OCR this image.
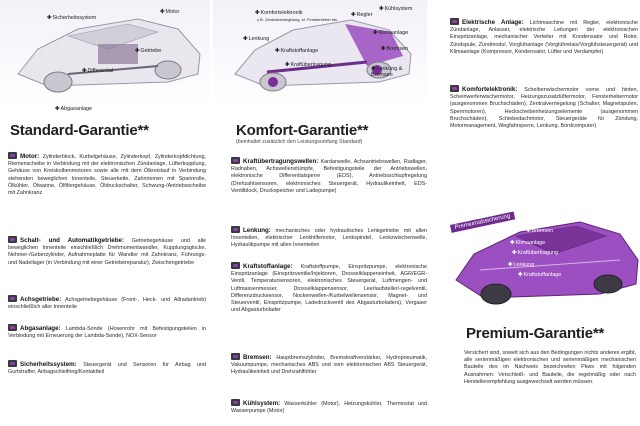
✚Sicherheitssystem
✚Motor
✚Getriebe
✚Differential
✚Abgasanlage
Standard-Garantie**
Motor: Zylinderblock, Kurbelgehäuse, Zylinderkopf, Zylinderkopfdichtung, Riemenscheibe in Verbindung mit der elektronischen Zündanlage, Lüfterkupplung, Gehäuse von Kreiskolbenmotoren sowie alle mit dem Ölkreislauf in Verbindung stehenden beweglichen Innenteile, Steuerkette, Zahnriemen mit Spannrolle, Ölkühler, Ölwanne, Ölfiltergehäuse, Öldruckschalter, Schwung-/Antriebsscheibe mit Zahnkranz
Schalt- und Automatikgetriebe: Getriebegehäuse und alle beweglichen Innenteile einschließlich Drehmomentwandler, Kupplungsglocke, Nehmer-/Geberzylinder, Aufnahmeplatte für Wandler mit Zahnkranz, Führungs- und Nadellager (in Verbindung mit einer Getriebereparatur), Zwischengetriebe
Achsgetriebe: Achsgetriebegehäuse (Front-, Heck- und Allradantrieb) einschließlich aller Innenteile
Abgasanlage: Lambda-Sonde (Hosenrohr mit Befestigungsteilen in Verbindung mit Erneuerung der Lambda-Sonde), NOX-Sensor
Sicherheitssystem: Steuergerät und Sensoren für Airbag und Gurtstraffer, Airbagschleifring/Kontaktteil
✚Komfortelektronik
z.B. Zentralverriegelung, el. Fensterheber etc.
✚Regler
✚Kühlsystem
✚Klimaanlage
✚Bremsen
✚Lenkung
✚Kraftstoffanlage
✚Kraftübertragung
✚Lenkung & Bremsen
Komfort-Garantie**
(beinhaltet zusätzlich den Leistungsumfang Standard)
Kraftübertragungswellen: Kardanwelle, Achsantriebswellen, Radlager, Radnaben, Achswellenstümpfe, Befestigungsteile der Antriebswellen, elektronische Differentialsperre (EDS), Antriebsschlupfregelung (Drehzahlsensoren, elektronisches Steuergerät, Hydraulikeinheit, EDS-Ventilblock, Druckspeicher und Ladepumpe)
Lenkung: mechanisches oder hydraulisches Lenkgetriebe mit allen Innenteilen, elektrischer Lenkhilfemotor, Lenkspindel, Lenkzwischenwelle, Hydraulikpumpe mit allen Innenteilen
Kraftstoffanlage: Kraftstoffpumpe, Einspritzpumpe, elektronische Einspritzanlage (Einspritzventile/Injektoren, Drosselklappeneinheit, AGR/EGR-Ventil, Temperatursensoren, elektronisches Steuergerät, Luftmengen- und Luftmassenmesser, Drosselklappensensor, Leerlaufsteller/-regelventil, Differenzdrucksensor, Nockenwellen-/Kurbelwellensensor, Magnet- und Steuerventil, Einspritzpumpe, Ladedruckventil des Abgasturboladers), Vergaser und Abgasturbolader
Bremsen: Hauptbremszylinder, Bremskraftverstärker, Hydropneumatik, Vakuumpumpe, mechanisches ABS und vom elektronischen ABS Steuergerät, Hydraulikeinheit und Drehzahlfühler
Kühlsystem: Wasserkühler (Motor), Heizungskühler, Thermostat und Wasserpumpe (Motor)
Elektrische Anlage: Lichtmaschine mit Regler, elektronische Zündanlage, Anlasser, elektrische Leitungen der elektronischen Einspritzanlage, mechanischer Verteiler mit Kondensator und Rotor, Zündspule, Zündmodul, Vorglühanlage (Vorglührelais/Vorglühsteuergerät) und Klimaanlage (Kompressor, Kondensator, Lüfter und Verdampfer)
Komfortelektronik: Scheibenwischermotor vorne und hinten, Scheinwerferwischermotor, Heizungszusatzlüftermotor, Fensterhebermotor (ausgenommen Bruchschäden), Zentralverriegelung (Schalter, Magnetspulen, Sperrmotoren), Heckscheibenheizungselemente (ausgenommen Bruchschäden), Schiebedachmotor, Steuergeräte für Zündung, Motormanagement, Wegfahrsperre, Lenkung, Bordcomputer)
Premiumabsicherung	✚Bremsen
✚Klimaanlage
✚Kraftübertragung
✚Lenkung
✚Kraftstoffanlage
Premium-Garantie**
Versichert sind, soweit sich aus den Bedingungen nichts anderes ergibt, alle serienmäßigen elektronischen und serienmäßigen mechanischen Bauteile des im Nachweis bezeichneten Pkws mit folgenden Ausnahmen: Verschleiß- und Bauteile, die regelmäßig oder nach Herstellerempfehlung ausgewechselt werden müssen.
